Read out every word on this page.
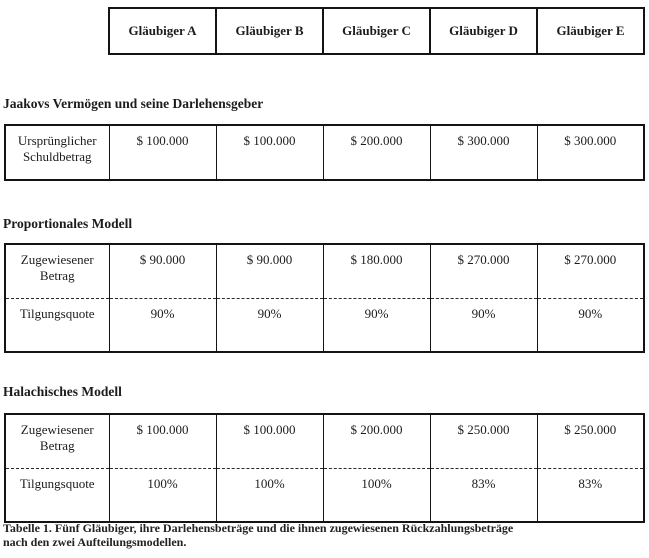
Gläubiger A	Gläubiger B	Gläubiger C	Gläubiger D	Gläubiger E
Jaakovs Vermögen und seine Darlehensgeber
Ursprünglicher Schuldbetrag	$ 100.000	$ 100.000	$ 200.000	$ 300.000	$ 300.000
Proportionales Modell
Zugewiesener Betrag	$ 90.000	$ 90.000	$ 180.000	$ 270.000	$ 270.000
Tilgungsquote	90%	90%	90%	90%	90%
Halachisches Modell
Zugewiesener Betrag	$ 100.000	$ 100.000	$ 200.000	$ 250.000	$ 250.000
Tilgungsquote	100%	100%	100%	83%	83%
Tabelle 1. Fünf Gläubiger, ihre Darlehensbeträge und die ihnen zugewiesenen Rückzahlungsbeträge
nach den zwei Aufteilungsmodellen.
